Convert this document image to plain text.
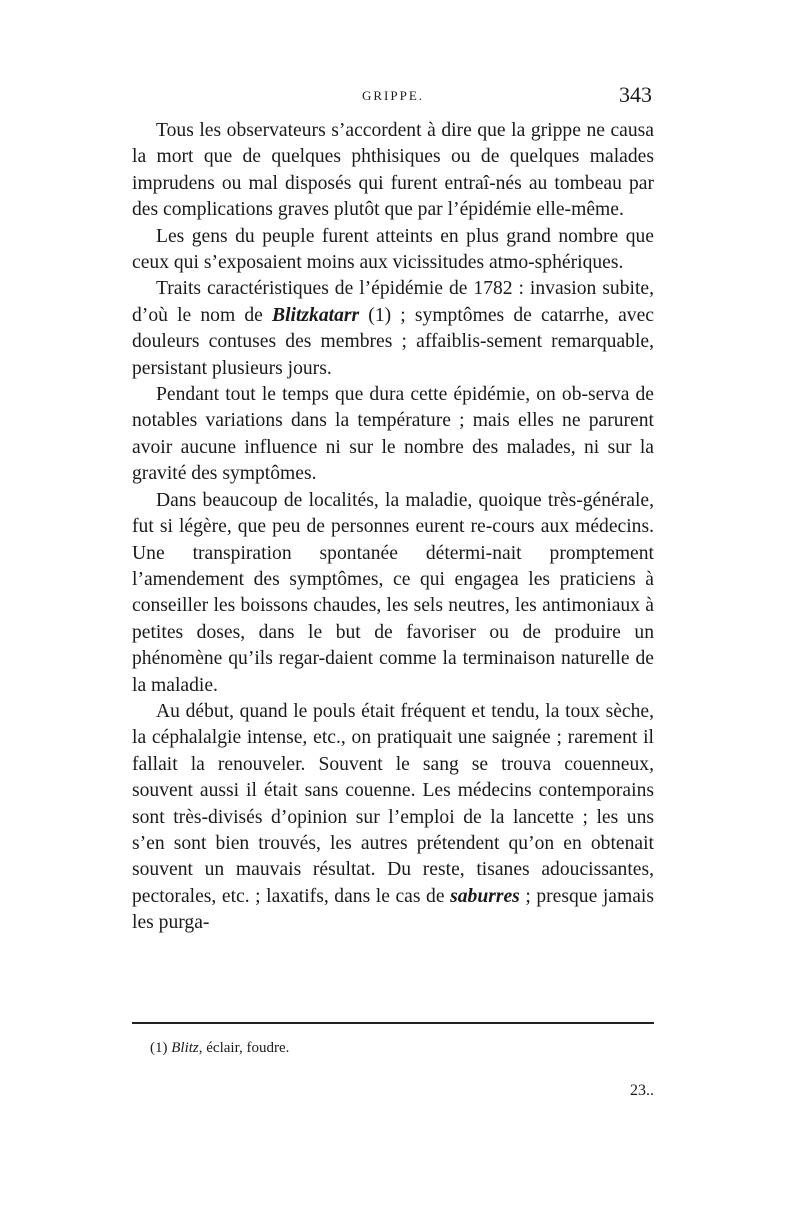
GRIPPE.	343

Tous les observateurs s’accordent à dire que la grippe ne causa la mort que de quelques phthisiques ou de quelques malades imprudens ou mal disposés qui furent entraî-nés au tombeau par des complications graves plutôt que par l’épidémie elle-même.

Les gens du peuple furent atteints en plus grand nombre que ceux qui s’exposaient moins aux vicissitudes atmo-sphériques.

Traits caractéristiques de l’épidémie de 1782 : invasion subite, d’où le nom de Blitzkatarr (1) ; symptômes de catarrhe, avec douleurs contuses des membres ; affaiblis-sement remarquable, persistant plusieurs jours.

Pendant tout le temps que dura cette épidémie, on ob-serva de notables variations dans la température ; mais elles ne parurent avoir aucune influence ni sur le nombre des malades, ni sur la gravité des symptômes.

Dans beaucoup de localités, la maladie, quoique très-générale, fut si légère, que peu de personnes eurent re-cours aux médecins. Une transpiration spontanée détermi-nait promptement l’amendement des symptômes, ce qui engagea les praticiens à conseiller les boissons chaudes, les sels neutres, les antimoniaux à petites doses, dans le but de favoriser ou de produire un phénomène qu’ils regar-daient comme la terminaison naturelle de la maladie.

Au début, quand le pouls était fréquent et tendu, la toux sèche, la céphalalgie intense, etc., on pratiquait une saignée ; rarement il fallait la renouveler. Souvent le sang se trouva couenneux, souvent aussi il était sans couenne. Les médecins contemporains sont très-divisés d’opinion sur l’emploi de la lancette ; les uns s’en sont bien trouvés, les autres prétendent qu’on en obtenait souvent un mauvais résultat. Du reste, tisanes adoucissantes, pectorales, etc. ; laxatifs, dans le cas de saburres ; presque jamais les purga-

(1) Blitz, éclair, foudre.
23..
